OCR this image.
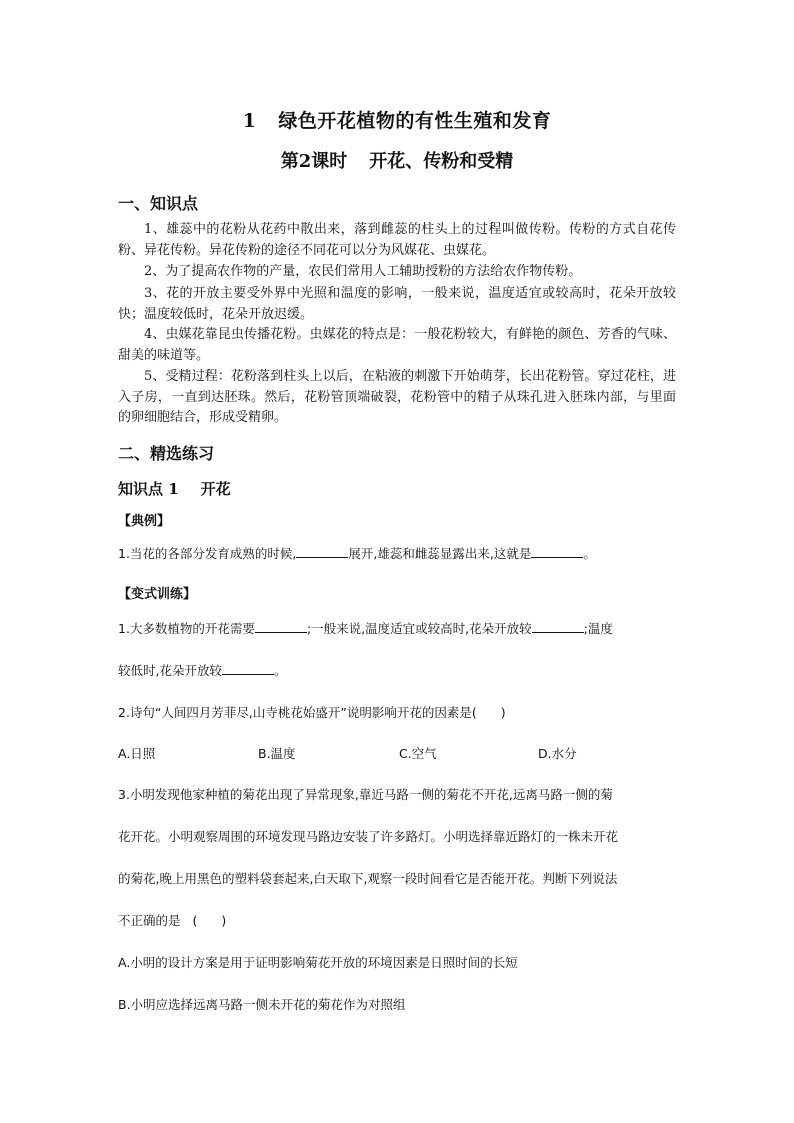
1 绿色开花植物的有性生殖和发育
第2课时 开花、传粉和受精
一、知识点
1、雄蕊中的花粉从花药中散出来，落到雌蕊的柱头上的过程叫做传粉。传粉的方式自花传粉、异花传粉。异花传粉的途径不同花可以分为风媒花、虫媒花。
2、为了提高农作物的产量，农民们常用人工辅助授粉的方法给农作物传粉。
3、花的开放主要受外界中光照和温度的影响，一般来说，温度适宜或较高时，花朵开放较快；温度较低时，花朵开放迟缓。
4、虫媒花靠昆虫传播花粉。虫媒花的特点是：一般花粉较大，有鲜艳的颜色、芳香的气味、甜美的味道等。
5、受精过程：花粉落到柱头上以后，在粘液的刺激下开始萌芽，长出花粉管。穿过花柱，进入子房，一直到达胚珠。然后，花粉管顶端破裂，花粉管中的精子从珠孔进入胚珠内部，与里面的卵细胞结合，形成受精卵。
二、精选练习
知识点 1 开花
【典例】
1.当花的各部分发育成熟的时候,	展开,雄蕊和雌蕊显露出来,这就是	。
【变式训练】
1.大多数植物的开花需要	;一般来说,温度适宜或较高时,花朵开放较	;温度
较低时,花朵开放较	。
2.诗句“人间四月芳菲尽,山寺桃花始盛开”说明影响开花的因素是( )
A.日照	B.温度	C.空气	D.水分
3.小明发现他家种植的菊花出现了异常现象,靠近马路一侧的菊花不开花,远离马路一侧的菊
花开花。小明观察周围的环境发现马路边安装了许多路灯。小明选择靠近路灯的一株未开花
的菊花,晚上用黑色的塑料袋套起来,白天取下,观察一段时间看它是否能开花。判断下列说法
不正确的是 ( )
A.小明的设计方案是用于证明影响菊花开放的环境因素是日照时间的长短
B.小明应选择远离马路一侧未开花的菊花作为对照组
